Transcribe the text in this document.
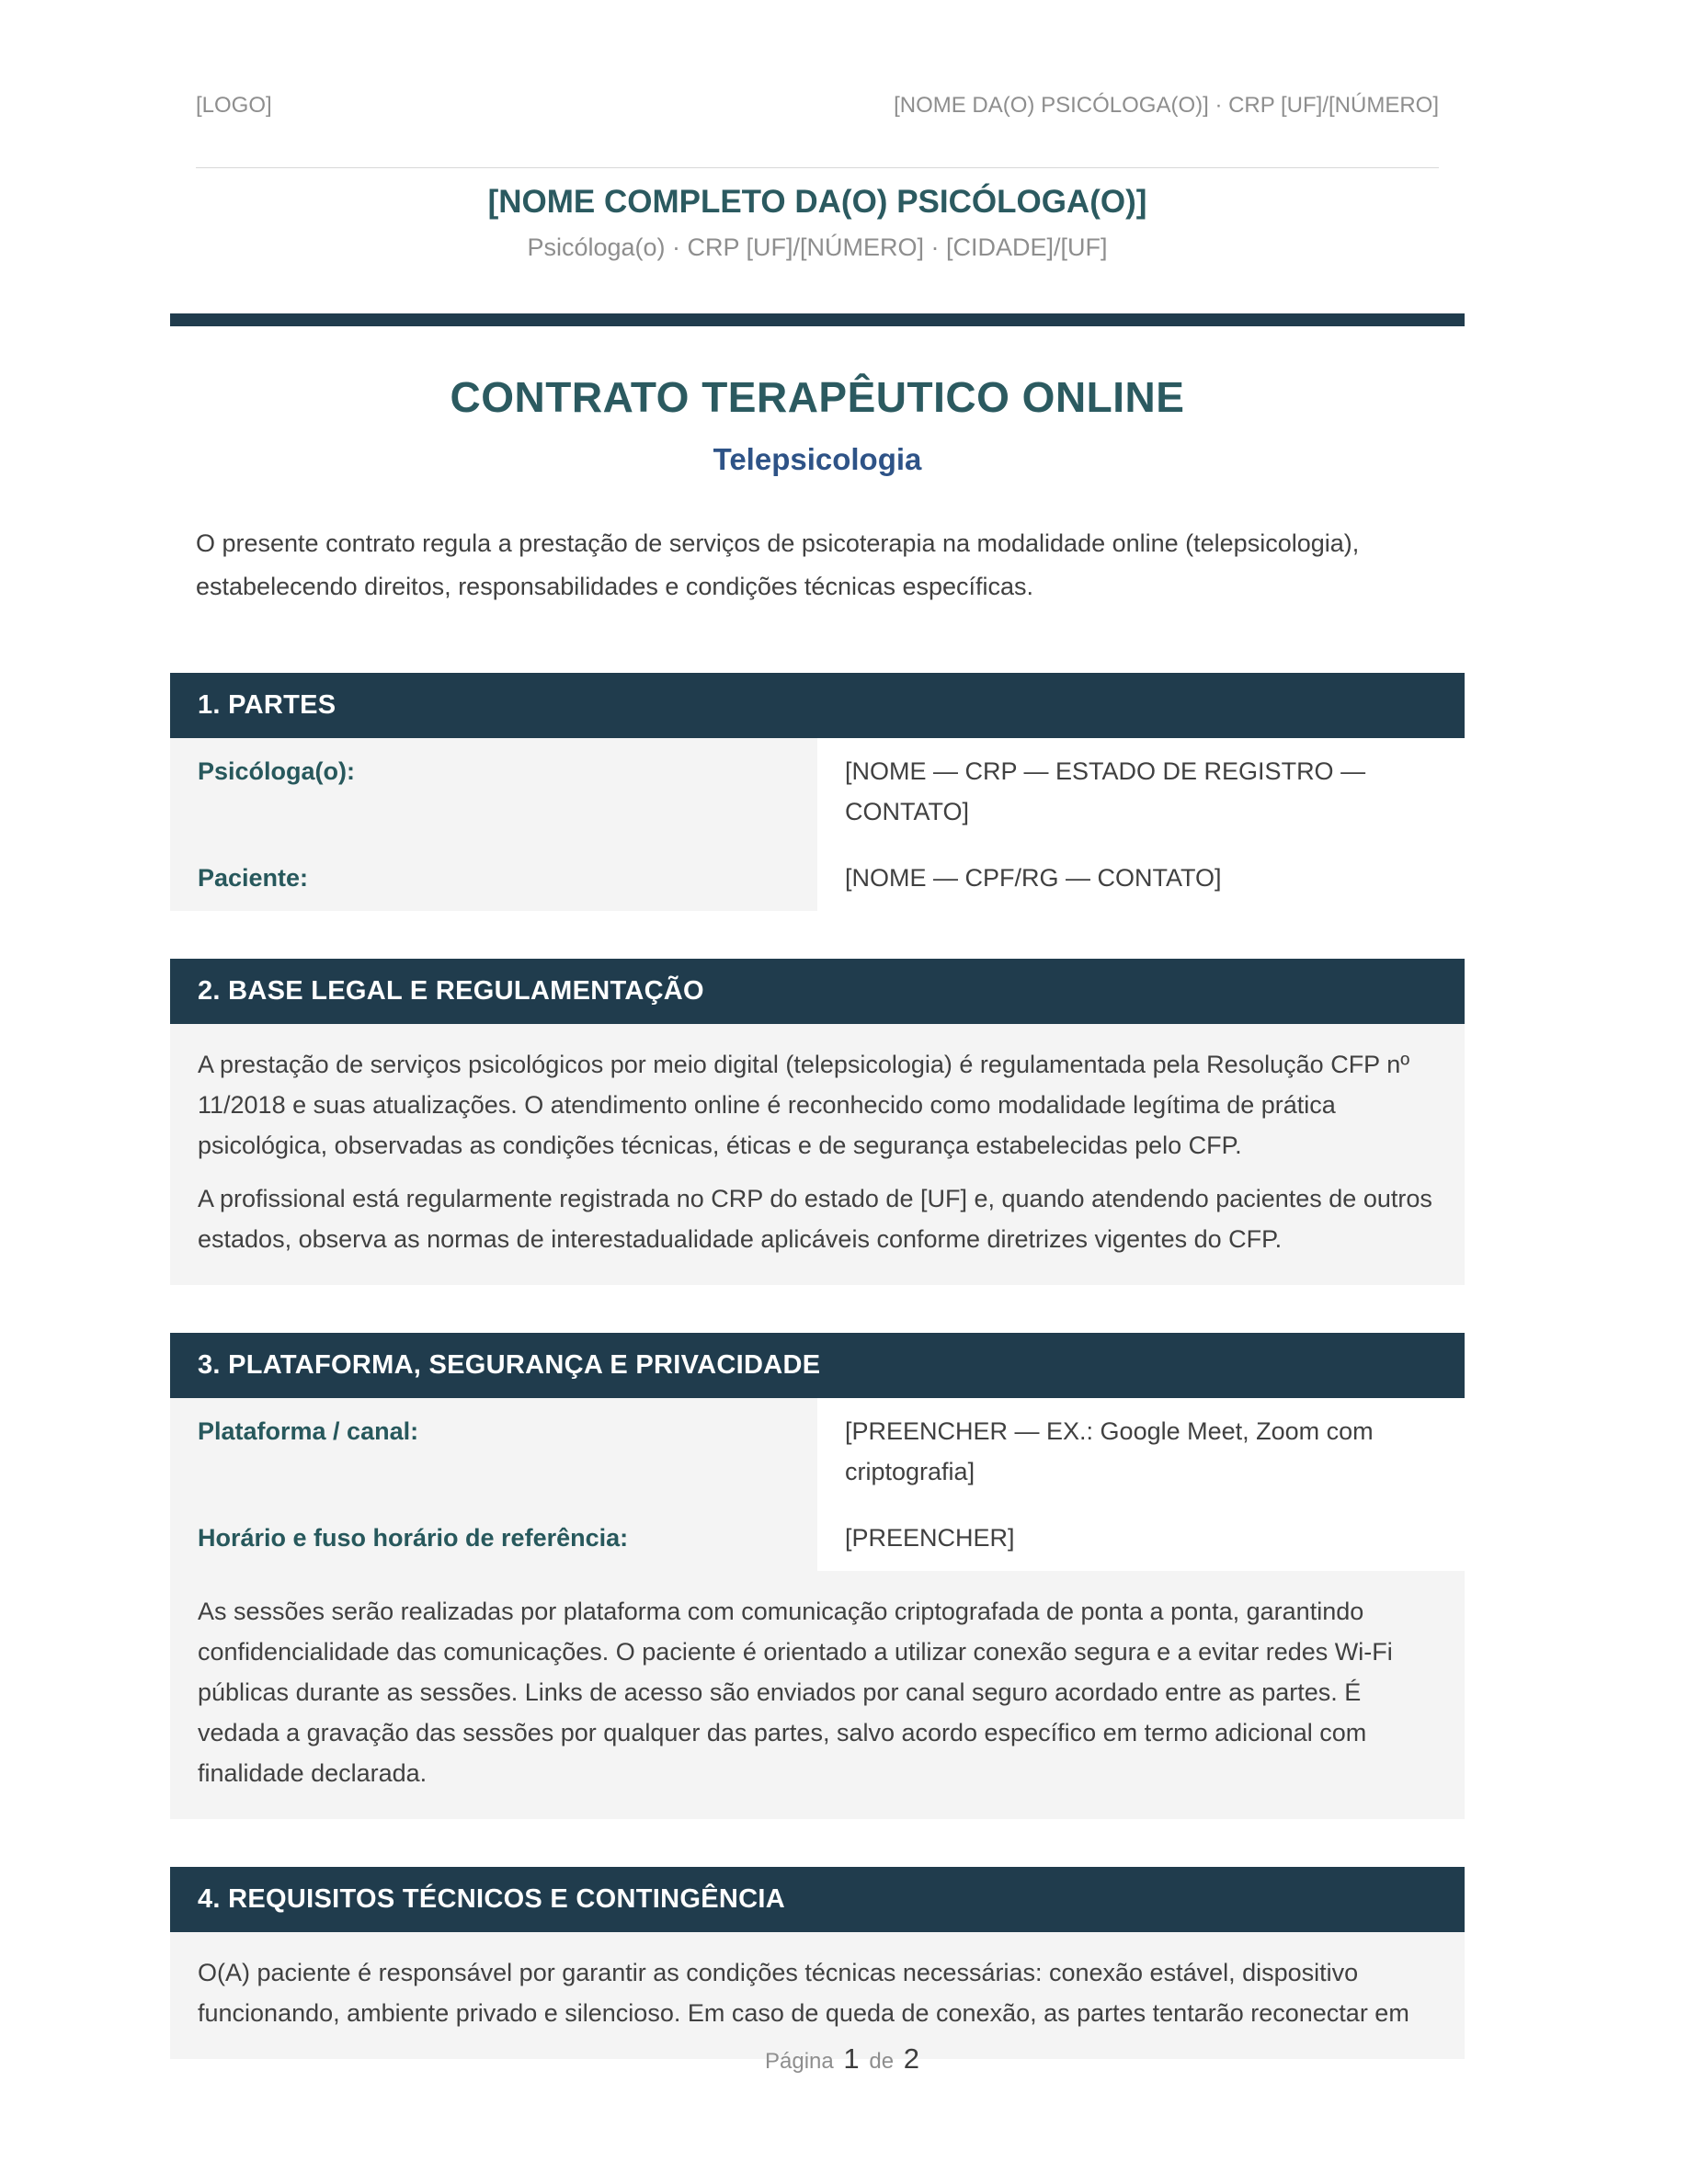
[LOGO]	[NOME DA(O) PSICÓLOGA(O)] · CRP [UF]/[NÚMERO]
[NOME COMPLETO DA(O) PSICÓLOGA(O)]
Psicóloga(o) · CRP [UF]/[NÚMERO] · [CIDADE]/[UF]
CONTRATO TERAPÊUTICO ONLINE
Telepsicologia

O presente contrato regula a prestação de serviços de psicoterapia na modalidade online (telepsicologia), estabelecendo direitos, responsabilidades e condições técnicas específicas.

1. PARTES
Psicóloga(o):	[NOME — CRP — ESTADO DE REGISTRO — CONTATO]
Paciente:	[NOME — CPF/RG — CONTATO]
2. BASE LEGAL E REGULAMENTAÇÃO

A prestação de serviços psicológicos por meio digital (telepsicologia) é regulamentada pela Resolução CFP nº 11/2018 e suas atualizações. O atendimento online é reconhecido como modalidade legítima de prática psicológica, observadas as condições técnicas, éticas e de segurança estabelecidas pelo CFP.

A profissional está regularmente registrada no CRP do estado de [UF] e, quando atendendo pacientes de outros estados, observa as normas de interestadualidade aplicáveis conforme diretrizes vigentes do CFP.

3. PLATAFORMA, SEGURANÇA E PRIVACIDADE
Plataforma / canal:	[PREENCHER — EX.: Google Meet, Zoom com criptografia]
Horário e fuso horário de referência:	[PREENCHER]

As sessões serão realizadas por plataforma com comunicação criptografada de ponta a ponta, garantindo confidencialidade das comunicações. O paciente é orientado a utilizar conexão segura e a evitar redes Wi-Fi públicas durante as sessões. Links de acesso são enviados por canal seguro acordado entre as partes. É vedada a gravação das sessões por qualquer das partes, salvo acordo específico em termo adicional com finalidade declarada.

4. REQUISITOS TÉCNICOS E CONTINGÊNCIA

O(A) paciente é responsável por garantir as condições técnicas necessárias: conexão estável, dispositivo funcionando, ambiente privado e silencioso. Em caso de queda de conexão, as partes tentarão reconectar em

Página 1 de 2
